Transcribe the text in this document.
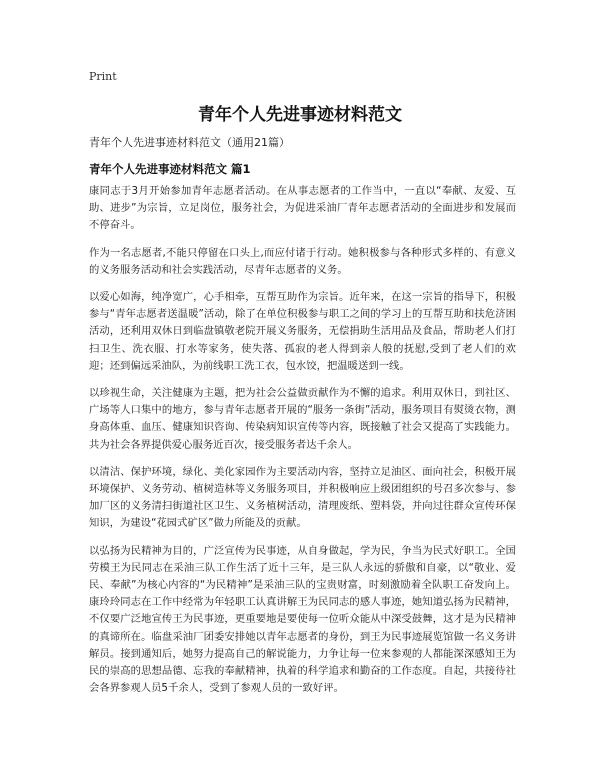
Print
青年个人先进事迹材料范文

青年个人先进事迹材料范文（通用21篇）

青年个人先进事迹材料范文 篇1

康同志于3月开始参加青年志愿者活动。在从事志愿者的工作当中，一直以“奉献、友爱、互助、进步”为宗旨，立足岗位，服务社会，为促进采油厂青年志愿者活动的全面进步和发展而不停奋斗。

作为一名志愿者,不能只停留在口头上,而应付诸于行动。她积极参与各种形式多样的、有意义的义务服务活动和社会实践活动，尽青年志愿者的义务。

以爱心如海，纯净宽广，心手相牵，互帮互助作为宗旨。近年来，在这一宗旨的指导下，积极参与“青年志愿者送温暖”活动，除了在单位积极参与职工之间的学习上的互帮互助和扶危济困活动，还利用双休日到临盘镇敬老院开展义务服务，无偿捐助生活用品及食品，帮助老人们打扫卫生、洗衣服、打水等家务，使失落、孤寂的老人得到亲人般的抚慰,受到了老人们的欢迎；还到偏远采油队，为前线职工洗工衣，包水饺，把温暖送到一线。

以珍视生命，关注健康为主题，把为社会公益做贡献作为不懈的追求。利用双休日，到社区、广场等人口集中的地方，参与青年志愿者开展的“服务一条街”活动，服务项目有熨烫衣物，测身高体重、血压、健康知识咨询、传染病知识宣传等内容，既接触了社会又提高了实践能力。共为社会各界提供爱心服务近百次，接受服务者达千余人。

以清洁、保护环境，绿化、美化家园作为主要活动内容，坚持立足油区、面向社会，积极开展环境保护、义务劳动、植树造林等义务服务项目，并积极响应上级团组织的号召多次参与、参加厂区的义务清扫街道社区卫生、义务植树活动，清理废纸、塑料袋，并向过往群众宣传环保知识，为建设“花园式矿区”做力所能及的贡献。

以弘扬为民精神为目的，广泛宣传为民事迹，从自身做起，学为民，争当为民式好职工。全国劳模王为民同志在采油三队工作生活了近十三年，是三队人永远的骄傲和自豪，以“敬业、爱民、奉献”为核心内容的“为民精神”是采油三队的宝贵财富，时刻激励着全队职工奋发向上。康玲玲同志在工作中经常为年轻职工认真讲解王为民同志的感人事迹，她知道弘扬为民精神，不仅要广泛地宣传王为民事迹，更重要地是要使每一位听众能从中深受鼓舞，这才是为民精神的真谛所在。临盘采油厂团委安排她以青年志愿者的身份，到王为民事迹展览馆做一名义务讲解员。接到通知后，她努力提高自己的解说能力，力争让每一位来参观的人都能深深感知王为民的崇高的思想品德、忘我的奉献精神，执着的科学追求和勤奋的工作态度。自起，共接待社会各界参观人员5千余人，受到了参观人员的一致好评。
